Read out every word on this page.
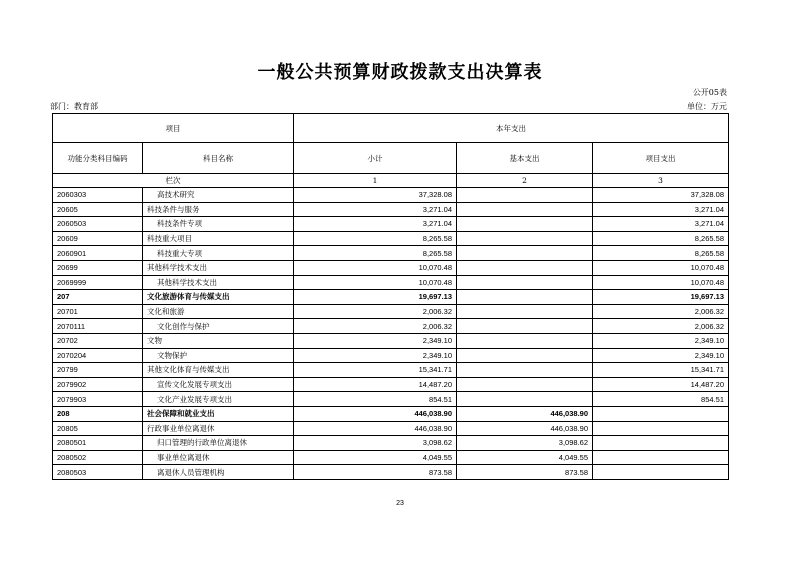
一般公共预算财政拨款支出决算表
公开05表
部门：教育部	单位：万元
项目		本年支出		
功能分类科目编码	科目名称	小计	基本支出	项目支出
栏次		1	2	3
2060303	高技术研究	37,328.08		37,328.08
20605	科技条件与服务	3,271.04		3,271.04
2060503	科技条件专项	3,271.04		3,271.04
20609	科技重大项目	8,265.58		8,265.58
2060901	科技重大专项	8,265.58		8,265.58
20699	其他科学技术支出	10,070.48		10,070.48
2069999	其他科学技术支出	10,070.48		10,070.48
207	文化旅游体育与传媒支出	19,697.13		19,697.13
20701	文化和旅游	2,006.32		2,006.32
2070111	文化创作与保护	2,006.32		2,006.32
20702	文物	2,349.10		2,349.10
2070204	文物保护	2,349.10		2,349.10
20799	其他文化体育与传媒支出	15,341.71		15,341.71
2079902	宣传文化发展专项支出	14,487.20		14,487.20
2079903	文化产业发展专项支出	854.51		854.51
208	社会保障和就业支出	446,038.90	446,038.90	
20805	行政事业单位离退休	446,038.90	446,038.90	
2080501	归口管理的行政单位离退休	3,098.62	3,098.62	
2080502	事业单位离退休	4,049.55	4,049.55	
2080503	离退休人员管理机构	873.58	873.58	
23
